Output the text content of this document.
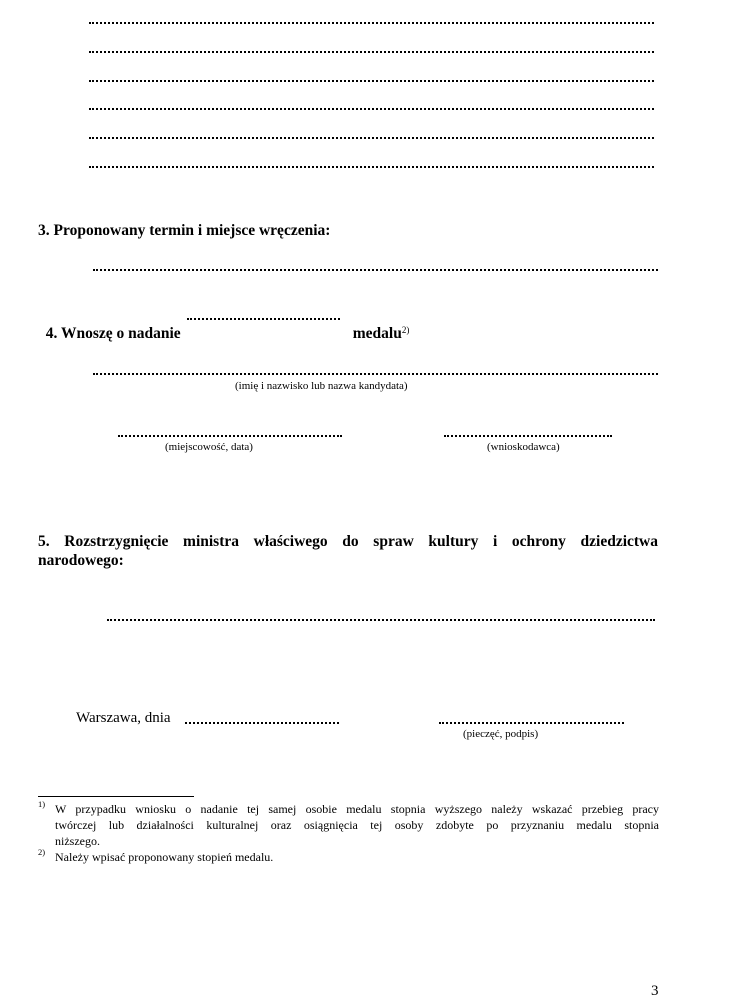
3. Proponowany termin i miejsce wręczenia:

4. Wnoszę o nadanie	medalu$^{2)}$

(imię i nazwisko lub nazwa kandydata)
(miejscowość, data)	(wnioskodawca)
5. Rozstrzygnięcie ministra właściwego do spraw kultury i ochrony dziedzictwa
narodowego:
Warszawa, dnia
(pieczęć, podpis)
1) W przypadku wniosku o nadanie tej samej osobie medalu stopnia wyższego należy wskazać przebieg pracy
twórczej lub działalności kulturalnej oraz osiągnięcia tej osoby zdobyte po przyznaniu medalu stopnia
niższego.
2) Należy wpisać proponowany stopień medalu.
3
